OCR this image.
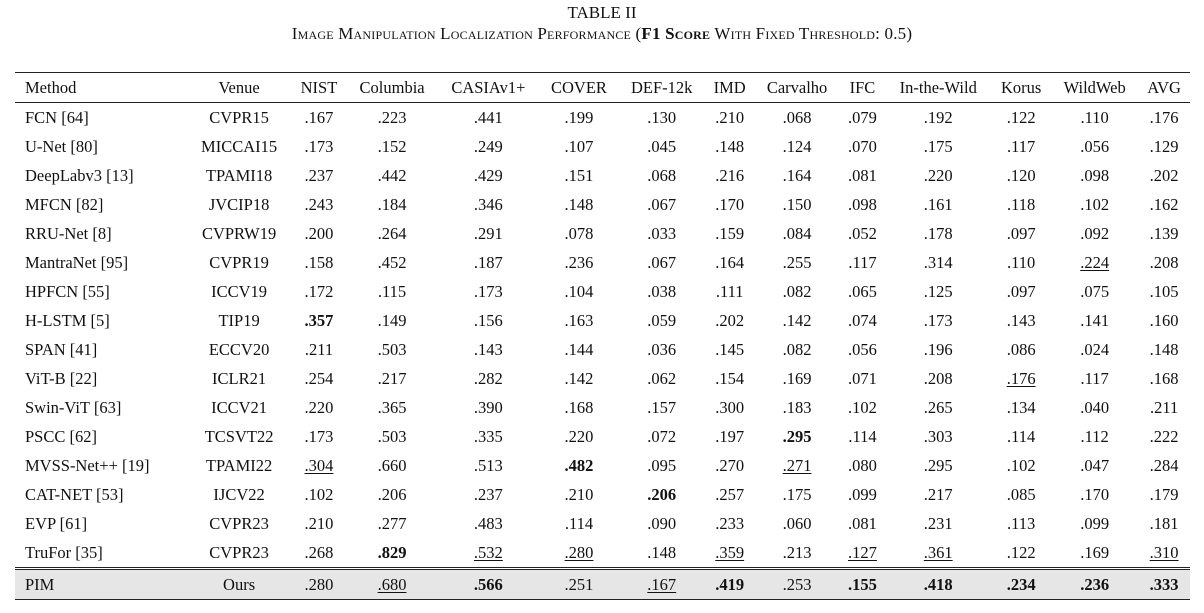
TABLE II
Image Manipulation Localization Performance (F1 Score With Fixed Threshold: 0.5)
Method	Venue	NIST	Columbia	CASIAv1+	COVER	DEF-12k	IMD	Carvalho	IFC	In-the-Wild	Korus	WildWeb	AVG
FCN [64]	CVPR15	.167	.223	.441	.199	.130	.210	.068	.079	.192	.122	.110	.176
U-Net [80]	MICCAI15	.173	.152	.249	.107	.045	.148	.124	.070	.175	.117	.056	.129
DeepLabv3 [13]	TPAMI18	.237	.442	.429	.151	.068	.216	.164	.081	.220	.120	.098	.202
MFCN [82]	JVCIP18	.243	.184	.346	.148	.067	.170	.150	.098	.161	.118	.102	.162
RRU-Net [8]	CVPRW19	.200	.264	.291	.078	.033	.159	.084	.052	.178	.097	.092	.139
MantraNet [95]	CVPR19	.158	.452	.187	.236	.067	.164	.255	.117	.314	.110	.224	.208
HPFCN [55]	ICCV19	.172	.115	.173	.104	.038	.111	.082	.065	.125	.097	.075	.105
H-LSTM [5]	TIP19	.357	.149	.156	.163	.059	.202	.142	.074	.173	.143	.141	.160
SPAN [41]	ECCV20	.211	.503	.143	.144	.036	.145	.082	.056	.196	.086	.024	.148
ViT-B [22]	ICLR21	.254	.217	.282	.142	.062	.154	.169	.071	.208	.176	.117	.168
Swin-ViT [63]	ICCV21	.220	.365	.390	.168	.157	.300	.183	.102	.265	.134	.040	.211
PSCC [62]	TCSVT22	.173	.503	.335	.220	.072	.197	.295	.114	.303	.114	.112	.222
MVSS-Net++ [19]	TPAMI22	.304	.660	.513	.482	.095	.270	.271	.080	.295	.102	.047	.284
CAT-NET [53]	IJCV22	.102	.206	.237	.210	.206	.257	.175	.099	.217	.085	.170	.179
EVP [61]	CVPR23	.210	.277	.483	.114	.090	.233	.060	.081	.231	.113	.099	.181
TruFor [35]	CVPR23	.268	.829	.532	.280	.148	.359	.213	.127	.361	.122	.169	.310
PIM	Ours	.280	.680	.566	.251	.167	.419	.253	.155	.418	.234	.236	.333
